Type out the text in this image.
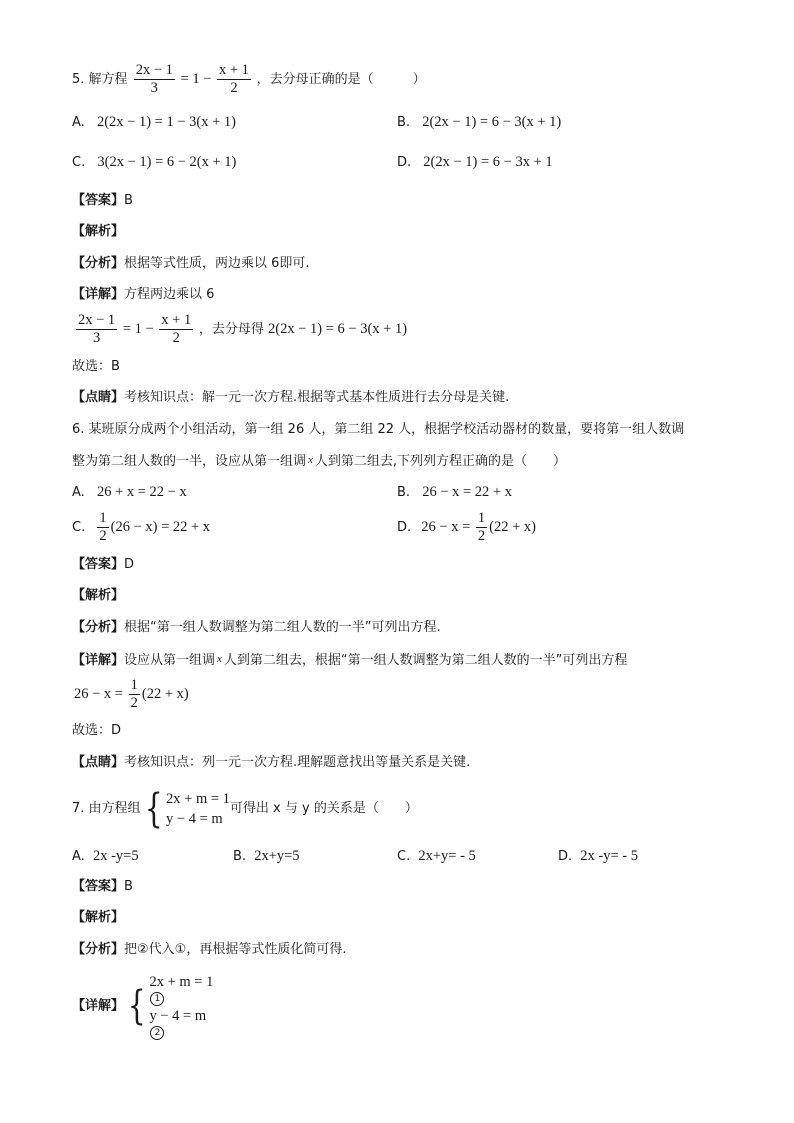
5. 解方程 $\frac{2x - 1}{3} = 1 - \frac{x + 1}{2}$ ，去分母正确的是（　　　）
A. 2(2x − 1) = 1 − 3(x + 1)	B. 2(2x − 1) = 6 − 3(x + 1)
C. 3(2x − 1) = 6 − 2(x + 1)	D. 2(2x − 1) = 6 − 3x + 1
【答案】B
【解析】
【分析】根据等式性质，两边乘以 6即可.
【详解】方程两边乘以 6
$\frac{2x - 1}{3} = 1 - \frac{x + 1}{2}$ ，去分母得 2(2x − 1) = 6 − 3(x + 1)
故选：B
【点睛】考核知识点：解一元一次方程.根据等式基本性质进行去分母是关键.
6. 某班原分成两个小组活动，第一组 26 人，第二组 22 人，根据学校活动器材的数量，要将第一组人数调
整为第二组人数的一半，设应从第一组调 x 人到第二组去,下列列方程正确的是（　　）
A. 26 + x = 22 − x	B. 26 − x = 22 + x
C. $\frac{1}{2} (26 - x) = 22 + x$	D. $26 - x = \frac{1}{2} (22 + x)$
【答案】D
【解析】
【分析】根据“第一组人数调整为第二组人数的一半”可列出方程.
【详解】设应从第一组调 x 人到第二组去，根据“第一组人数调整为第二组人数的一半”可列出方程
$26 - x = \frac{1}{2} (22 + x)$
故选：D
【点睛】考核知识点：列一元一次方程.理解题意找出等量关系是关键.
7. 由方程组{ 2x + m = 1
y − 4 = m
可得出 x 与 y 的关系是（　　）
A. 2x -y=5	B. 2x+y=5	C. 2x+y= - 5	D. 2x -y= - 5
【答案】B
【解析】
【分析】把②代入①，再根据等式性质化简可得.
【详解】{
2x + m = 1
1
y − 4 = m
2
